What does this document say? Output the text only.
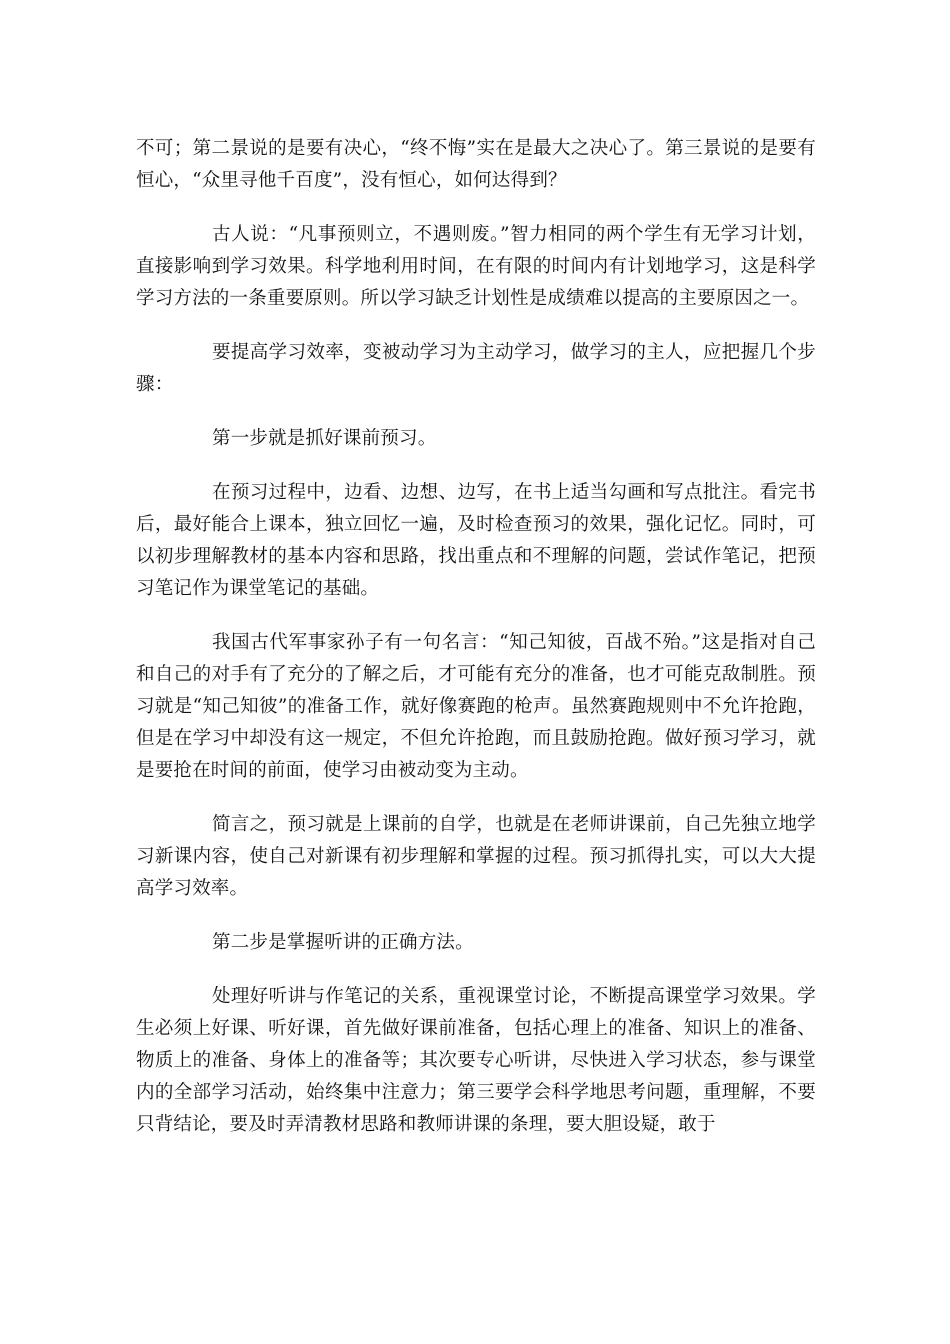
不可；第二景说的是要有决心，“终不悔”实在是最大之决心了。第三景说的是要有恒心，“众里寻他千百度”，没有恒心，如何达得到？

古人说：“凡事预则立，不遇则废。”智力相同的两个学生有无学习计划，直接影响到学习效果。科学地利用时间，在有限的时间内有计划地学习，这是科学学习方法的一条重要原则。所以学习缺乏计划性是成绩难以提高的主要原因之一。

要提高学习效率，变被动学习为主动学习，做学习的主人，应把握几个步骤：

第一步就是抓好课前预习。

在预习过程中，边看、边想、边写，在书上适当勾画和写点批注。看完书后，最好能合上课本，独立回忆一遍，及时检查预习的效果，强化记忆。同时，可以初步理解教材的基本内容和思路，找出重点和不理解的问题，尝试作笔记，把预习笔记作为课堂笔记的基础。

我国古代军事家孙子有一句名言：“知己知彼，百战不殆。”这是指对自己和自己的对手有了充分的了解之后，才可能有充分的准备，也才可能克敌制胜。预习就是“知己知彼”的准备工作，就好像赛跑的枪声。虽然赛跑规则中不允许抢跑，但是在学习中却没有这一规定，不但允许抢跑，而且鼓励抢跑。做好预习学习，就是要抢在时间的前面，使学习由被动变为主动。

简言之，预习就是上课前的自学，也就是在老师讲课前，自己先独立地学习新课内容，使自己对新课有初步理解和掌握的过程。预习抓得扎实，可以大大提高学习效率。

第二步是掌握听讲的正确方法。

处理好听讲与作笔记的关系，重视课堂讨论，不断提高课堂学习效果。学生必须上好课、听好课，首先做好课前准备，包括心理上的准备、知识上的准备、物质上的准备、身体上的准备等；其次要专心听讲，尽快进入学习状态，参与课堂内的全部学习活动，始终集中注意力；第三要学会科学地思考问题，重理解，不要只背结论，要及时弄清教材思路和教师讲课的条理，要大胆设疑，敢于
